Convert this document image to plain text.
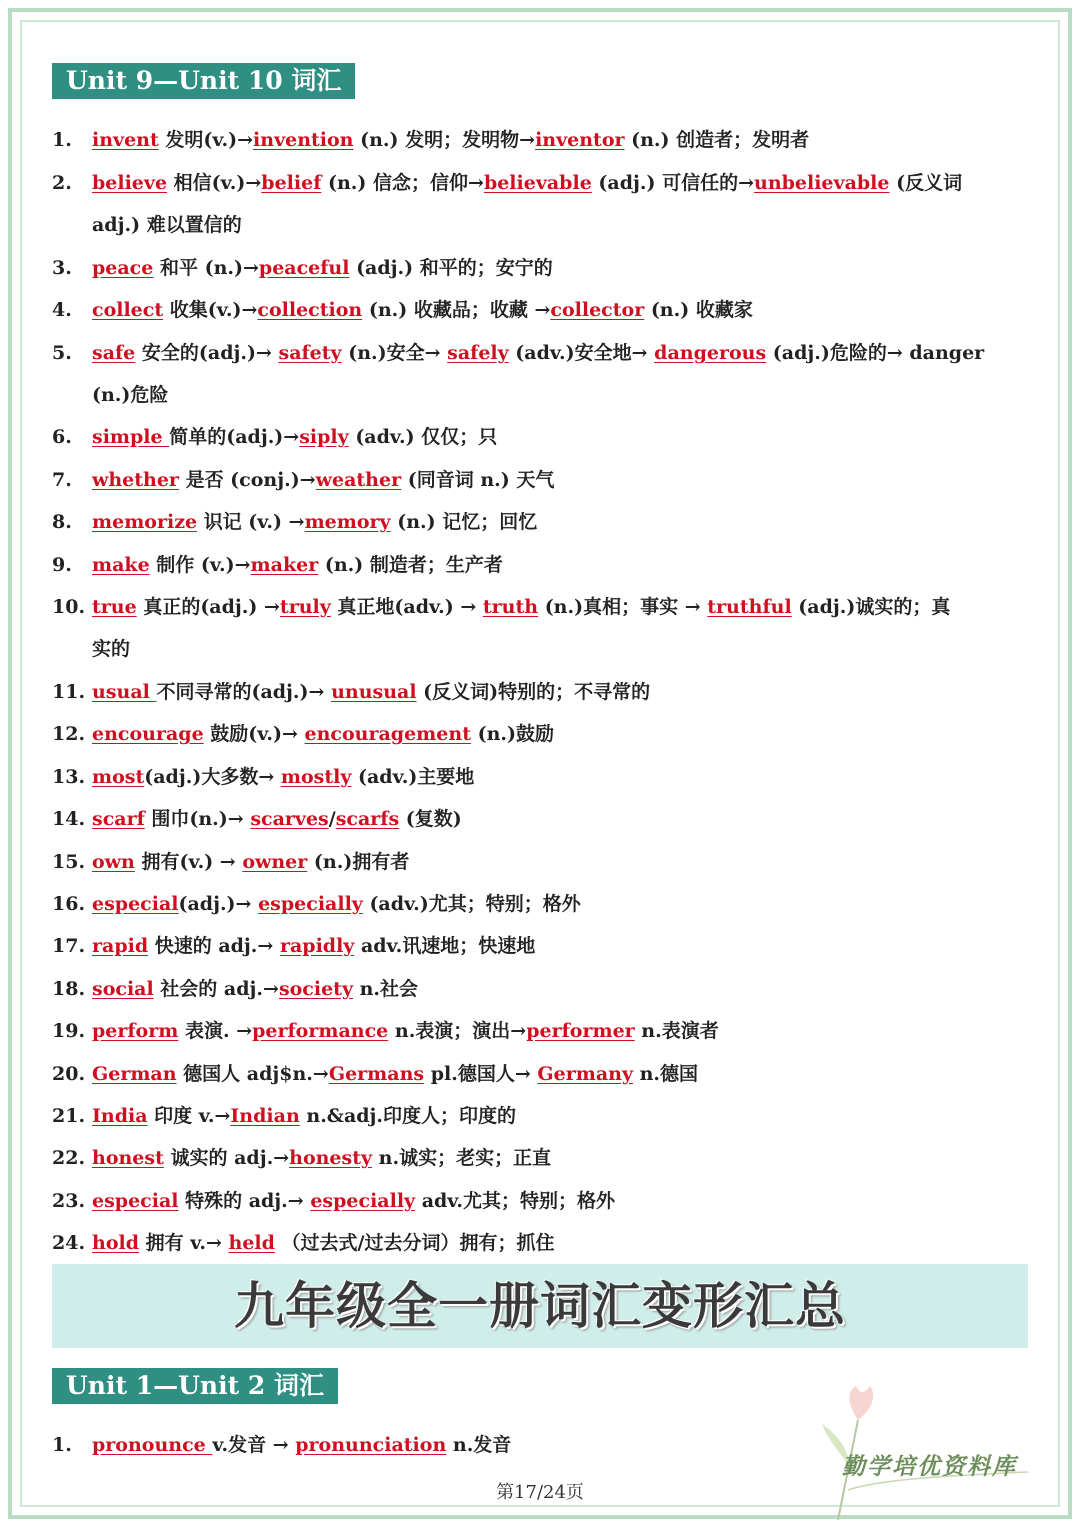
Unit 9—Unit 10 词汇
1. invent 发明(v.)→invention (n.) 发明；发明物→inventor (n.) 创造者；发明者
2. believe 相信(v.)→belief (n.) 信念；信仰→believable (adj.) 可信任的→unbelievable (反义词
adj.) 难以置信的
3. peace 和平 (n.)→peaceful (adj.) 和平的；安宁的
4. collect 收集(v.)→collection (n.) 收藏品；收藏 →collector (n.) 收藏家
5. safe 安全的(adj.)→ safety (n.)安全→ safely (adv.)安全地→ dangerous (adj.)危险的→ danger
(n.)危险
6. simple 简单的(adj.)→siply (adv.) 仅仅；只
7. whether 是否 (conj.)→weather (同音词 n.) 天气
8. memorize 识记 (v.) →memory (n.) 记忆；回忆
9. make 制作 (v.)→maker (n.) 制造者；生产者
10. true 真正的(adj.) →truly 真正地(adv.) → truth (n.)真相；事实 → truthful (adj.)诚实的；真
实的
11. usual 不同寻常的(adj.)→ unusual (反义词)特别的；不寻常的
12. encourage 鼓励(v.)→ encouragement (n.)鼓励
13. most(adj.)大多数→ mostly (adv.)主要地
14. scarf 围巾(n.)→ scarves/scarfs (复数)
15. own 拥有(v.) → owner (n.)拥有者
16. especial(adj.)→ especially (adv.)尤其；特别；格外
17. rapid 快速的 adj.→ rapidly adv.讯速地；快速地
18. social 社会的 adj.→society n.社会
19. perform 表演. →performance n.表演；演出→performer n.表演者
20. German 德国人 adj$n.→Germans pl.德国人→ Germany n.德国
21. India 印度 v.→Indian n.&adj.印度人；印度的
22. honest 诚实的 adj.→honesty n.诚实；老实；正直
23. especial 特殊的 adj.→ especially adv.尤其；特别；格外
24. hold 拥有 v.→ held （过去式/过去分词）拥有；抓住
九年级全一册词汇变形汇总
Unit 1—Unit 2 词汇
1. pronounce v.发音 → pronunciation n.发音
勤学培优资料库
第17/24页
